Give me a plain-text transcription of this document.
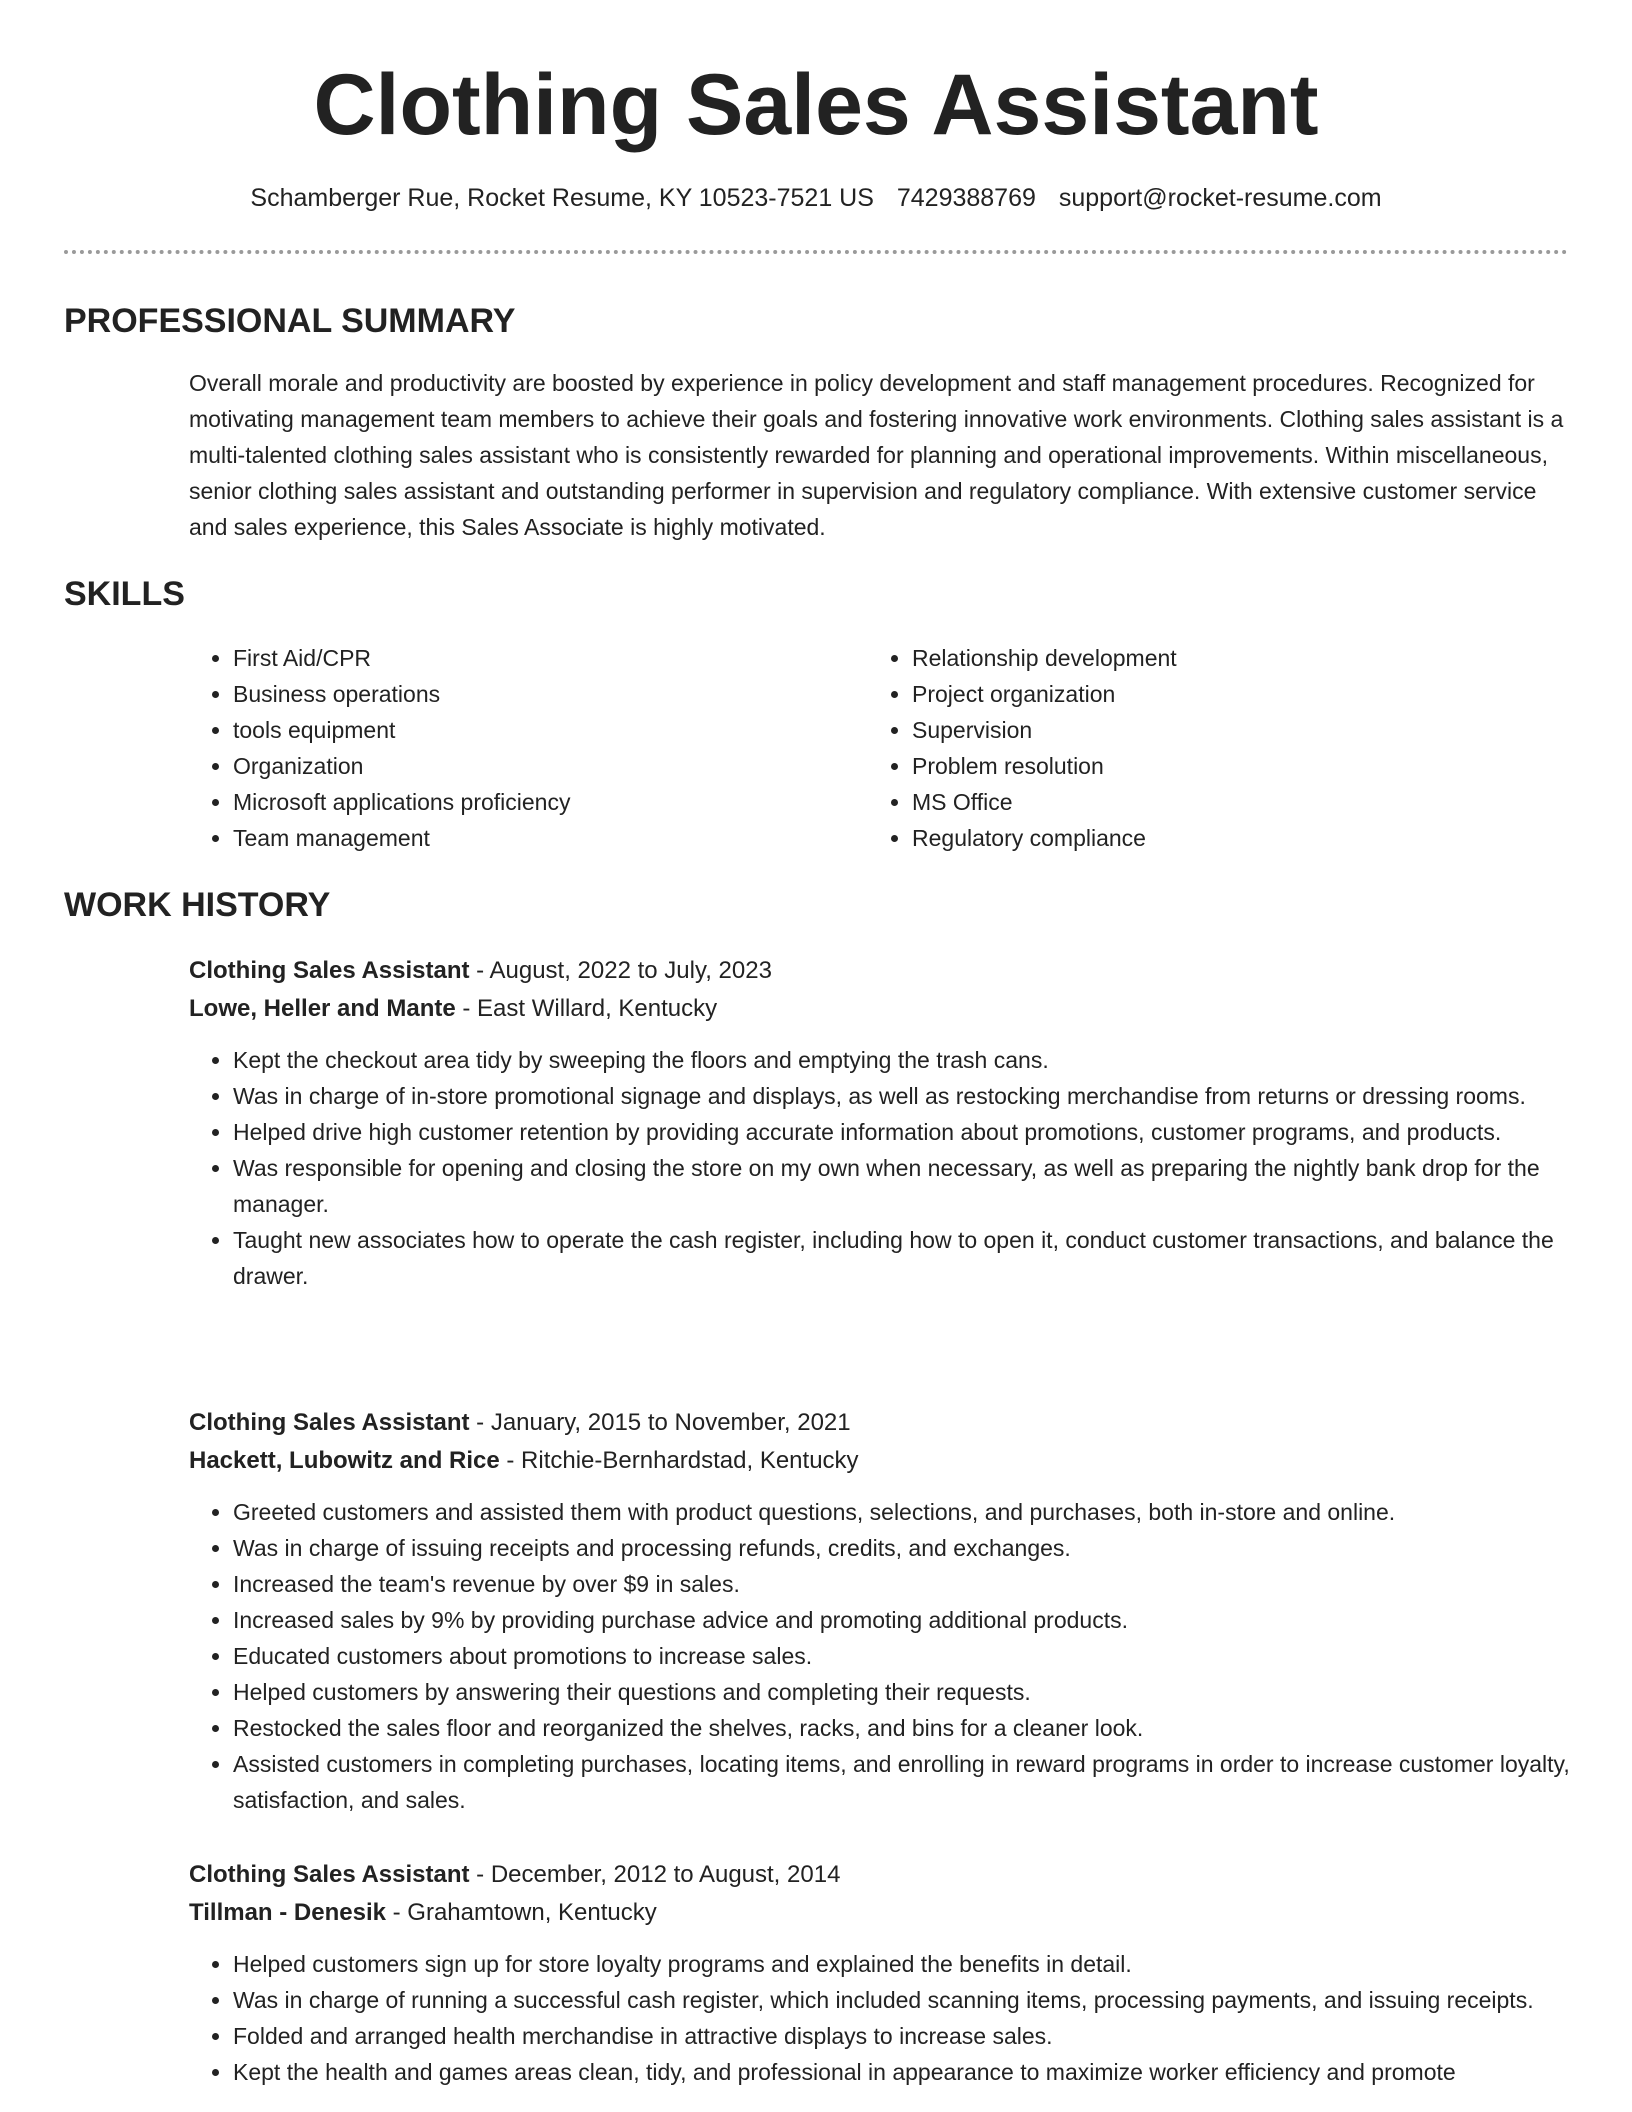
Clothing Sales Assistant
Schamberger Rue, Rocket Resume, KY 10523-7521 US 7429388769 support@rocket-resume.com
PROFESSIONAL SUMMARY

Overall morale and productivity are boosted by experience in policy development and staff management procedures. Recognized for motivating management team members to achieve their goals and fostering innovative work environments. Clothing sales assistant is a multi-talented clothing sales assistant who is consistently rewarded for planning and operational improvements. Within miscellaneous, senior clothing sales assistant and outstanding performer in supervision and regulatory compliance. With extensive customer service and sales experience, this Sales Associate is highly motivated.

SKILLS
• First Aid/CPR
• Business operations
• tools equipment
• Organization
• Microsoft applications proficiency
• Team management
• Relationship development
• Project organization
• Supervision
• Problem resolution
• MS Office
• Regulatory compliance
WORK HISTORY

Clothing Sales Assistant - August, 2022 to July, 2023

Lowe, Heller and Mante - East Willard, Kentucky

• Kept the checkout area tidy by sweeping the floors and emptying the trash cans.
• Was in charge of in-store promotional signage and displays, as well as restocking merchandise from returns or dressing rooms.
• Helped drive high customer retention by providing accurate information about promotions, customer programs, and products.
• Was responsible for opening and closing the store on my own when necessary, as well as preparing the nightly bank drop for the manager.
• Taught new associates how to operate the cash register, including how to open it, conduct customer transactions, and balance the drawer.

Clothing Sales Assistant - January, 2015 to November, 2021

Hackett, Lubowitz and Rice - Ritchie-Bernhardstad, Kentucky

• Greeted customers and assisted them with product questions, selections, and purchases, both in-store and online.
• Was in charge of issuing receipts and processing refunds, credits, and exchanges.
• Increased the team's revenue by over $9 in sales.
• Increased sales by 9% by providing purchase advice and promoting additional products.
• Educated customers about promotions to increase sales.
• Helped customers by answering their questions and completing their requests.
• Restocked the sales floor and reorganized the shelves, racks, and bins for a cleaner look.
• Assisted customers in completing purchases, locating items, and enrolling in reward programs in order to increase customer loyalty, satisfaction, and sales.

Clothing Sales Assistant - December, 2012 to August, 2014

Tillman - Denesik - Grahamtown, Kentucky

• Helped customers sign up for store loyalty programs and explained the benefits in detail.
• Was in charge of running a successful cash register, which included scanning items, processing payments, and issuing receipts.
• Folded and arranged health merchandise in attractive displays to increase sales.
• Kept the health and games areas clean, tidy, and professional in appearance to maximize worker efficiency and promote
